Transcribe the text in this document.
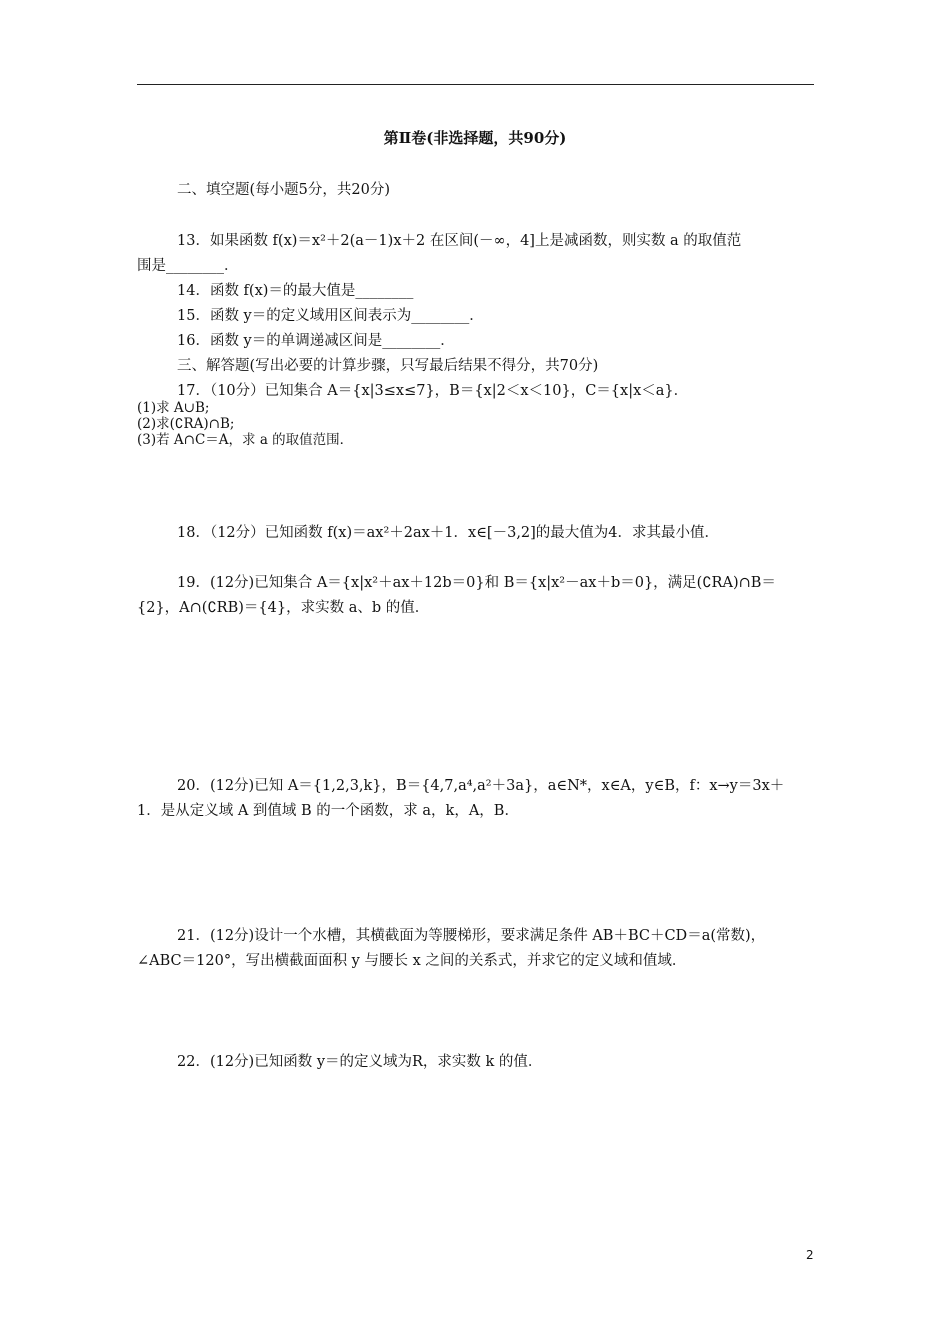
第Ⅱ卷(非选择题，共90分)
二、填空题(每小题5分，共20分)
13．如果函数 f(x)＝x²＋2(a－1)x＋2 在区间(－∞，4]上是减函数，则实数 a 的取值范
围是________．
14．函数 f(x)＝的最大值是________
15．函数 y＝的定义域用区间表示为________．
16．函数 y＝的单调递减区间是________．
三、解答题(写出必要的计算步骤，只写最后结果不得分，共70分)
17．（10分）已知集合 A＝{x|3≤x≤7}，B＝{x|2＜x＜10}，C＝{x|x＜a}．
(1)求 A∪B;
(2)求(∁RA)∩B;
(3)若 A∩C＝A，求 a 的取值范围．
18．（12分）已知函数 f(x)＝ax²＋2ax＋1．x∈[－3,2]的最大值为4．求其最小值．
19．(12分)已知集合 A＝{x|x²＋ax＋12b＝0}和 B＝{x|x²－ax＋b＝0}，满足(∁RA)∩B＝
{2}，A∩(∁RB)＝{4}，求实数 a、b 的值．
20．(12分)已知 A＝{1,2,3,k}，B＝{4,7,a⁴,a²＋3a}，a∈N*，x∈A，y∈B，f：x→y＝3x＋
1．是从定义域 A 到值域 B 的一个函数，求 a，k，A，B．
21．(12分)设计一个水槽，其横截面为等腰梯形，要求满足条件 AB＋BC＋CD＝a(常数)，
∠ABC＝120°，写出横截面面积 y 与腰长 x 之间的关系式，并求它的定义域和值域．
22．(12分)已知函数 y＝的定义域为R，求实数 k 的值．
2
